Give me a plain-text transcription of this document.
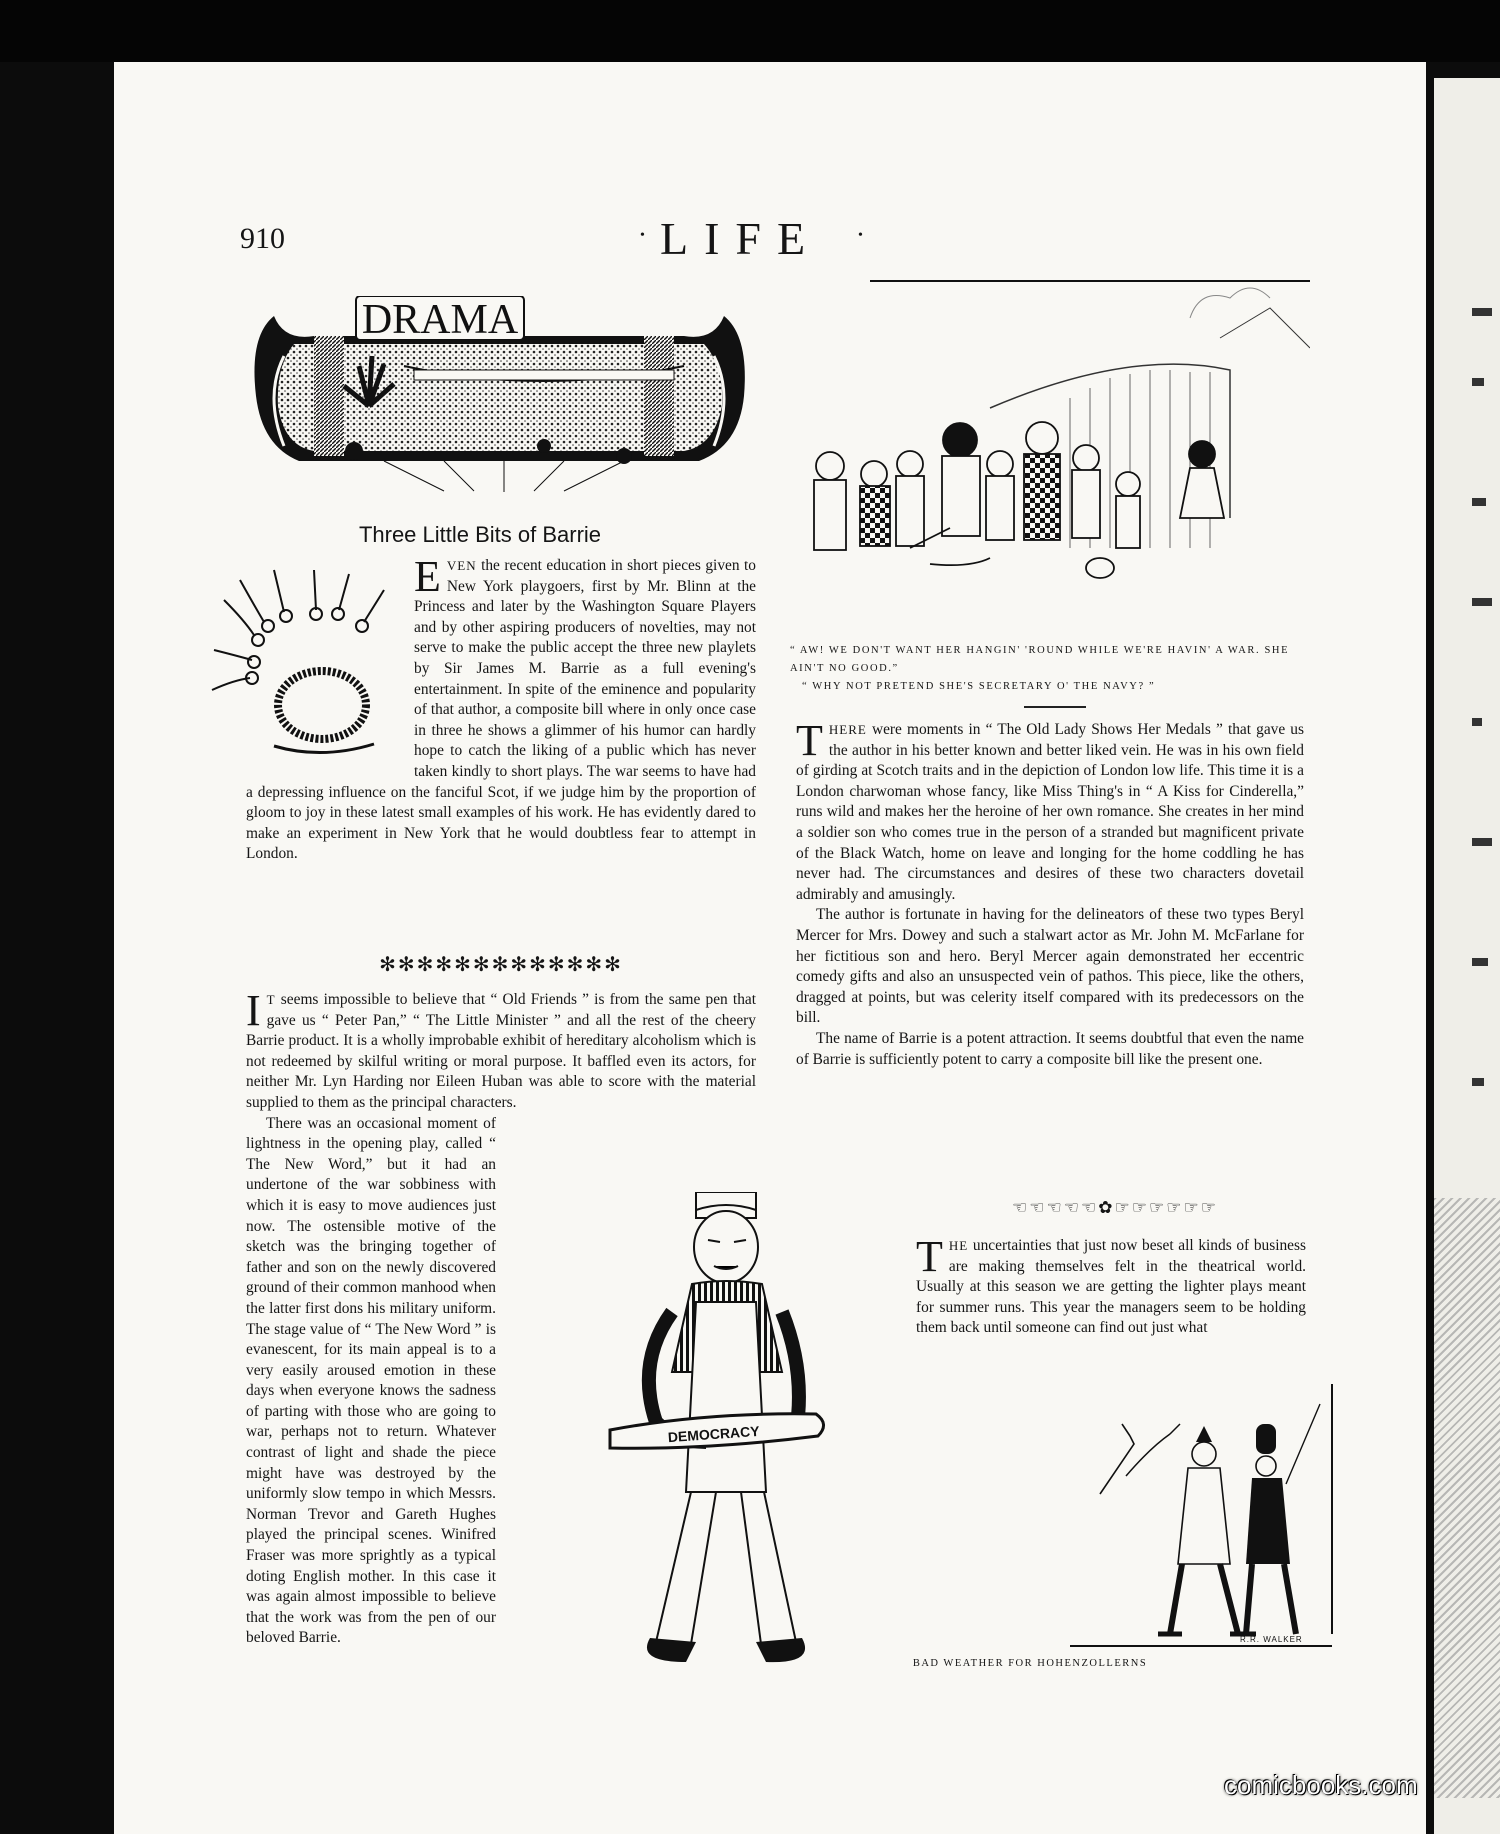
910	• LIFE	•
DRAMA
Three Little Bits of Barrie

E VEN the recent education in short pieces given to New York playgoers, first by Mr. Blinn at the Princess and later by the Washington Square Players and by other aspiring producers of novelties, may not serve to make the public accept the three new playlets by Sir James M. Barrie as a full evening's entertainment. In spite of the eminence and popularity of that author, a composite bill where in only once case in three he shows a glimmer of his humor can hardly hope to catch the liking of a public which has never taken kindly to short plays. The war seems to have had a depressing influence on the fanciful Scot, if we judge him by the proportion of gloom to joy in these latest small examples of his work. He has evidently dared to make an experiment in New York that he would doubtless fear to attempt in London.

✻✻✻✻✻✻✻✻✻✻✻✻✻

I T seems impossible to believe that “ Old Friends ” is from the same pen that gave us “ Peter Pan,” “ The Little Minister ” and all the rest of the cheery Barrie product. It is a wholly improbable exhibit of hereditary alcoholism which is not redeemed by skilful writing or moral purpose. It baffled even its actors, for neither Mr. Lyn Harding nor Eileen Huban was able to score with the material supplied to them as the principal characters.

There was an occasional moment of lightness in the opening play, called “ The New Word,” but it had an undertone of the war sobbiness with which it is easy to move audiences just now. The ostensible motive of the sketch was the bringing together of father and son on the newly discovered ground of their common manhood when the latter first dons his military uniform. The stage value of “ The New Word ” is evanescent, for its main appeal is to a very easily aroused emotion in these days when everyone knows the sadness of parting with those who are going to war, perhaps not to return. Whatever contrast of light and shade the piece might have was destroyed by the uniformly slow tempo in which Messrs. Norman Trevor and Gareth Hughes played the principal scenes. Winifred Fraser was more sprightly as a typical doting English mother. In this case it was again almost impossible to believe that the work was from the pen of our beloved Barrie.

DEMOCRACY
“ AW! WE DON'T WANT HER HANGIN' 'ROUND WHILE WE'RE HAVIN' A WAR. SHE AIN'T NO GOOD.”
“ WHY NOT PRETEND SHE'S SECRETARY O' THE NAVY? ”

T HERE were moments in “ The Old Lady Shows Her Medals ” that gave us the author in his better known and better liked vein. He was in his own field of girding at Scotch traits and in the depiction of London low life. This time it is a London charwoman whose fancy, like Miss Thing's in “ A Kiss for Cinderella,” runs wild and makes her the heroine of her own romance. She creates in her mind a soldier son who comes true in the person of a stranded but magnificent private of the Black Watch, home on leave and longing for the home coddling he has never had. The circumstances and desires of these two characters dovetail admirably and amusingly.

The author is fortunate in having for the delineators of these two types Beryl Mercer for Mrs. Dowey and such a stalwart actor as Mr. John M. McFarlane for her fictitious son and hero. Beryl Mercer again demonstrated her eccentric comedy gifts and also an unsuspected vein of pathos. This piece, like the others, dragged at points, but was celerity itself compared with its predecessors on the bill.

The name of Barrie is a potent attraction. It seems doubtful that even the name of Barrie is sufficiently potent to carry a composite bill like the present one.

☜☜☜☜☜✿☞☞☞☞☞☞

T HE uncertainties that just now beset all kinds of business are making themselves felt in the theatrical world. Usually at this season we are getting the lighter plays meant for summer runs. This year the managers seem to be holding them back until someone can find out just what

R.R. WALKER
BAD WEATHER FOR HOHENZOLLERNS
comicbooks.com
